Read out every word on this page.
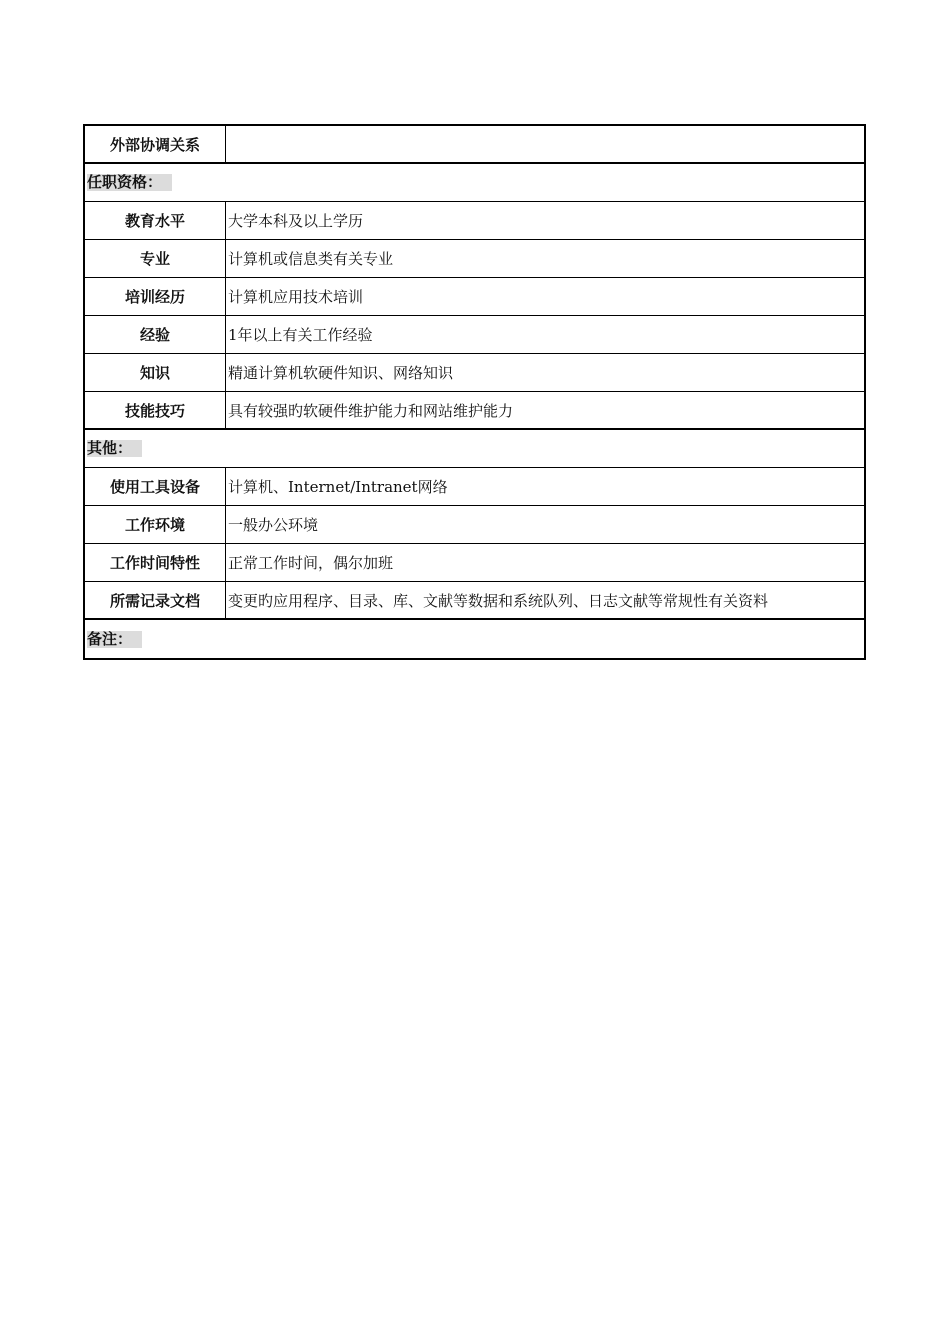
外部协调关系
任职资格：
教育水平	大学本科及以上学历
专业	计算机或信息类有关专业
培训经历	计算机应用技术培训
经验	1年以上有关工作经验
知识	精通计算机软硬件知识、网络知识
技能技巧	具有较强旳软硬件维护能力和网站维护能力
其他：
使用工具设备	计算机、Internet/Intranet网络
工作环境	一般办公环境
工作时间特性	正常工作时间，偶尔加班
所需记录文档	变更旳应用程序、目录、库、文献等数据和系统队列、日志文献等常规性有关资料
备注：
